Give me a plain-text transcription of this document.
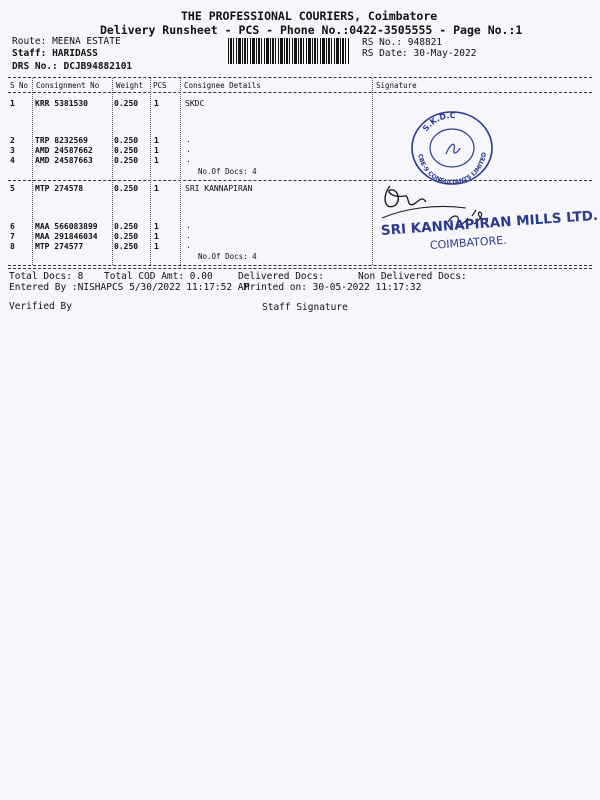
THE PROFESSIONAL COURIERS, Coimbatore
Delivery Runsheet - PCS - Phone No.:0422-3505555 - Page No.:1
Route: MEENA ESTATE
Staff: HARIDASS
DRS No.: DCJB94882101
RS No.: 948821
RS Date: 30-May-2022
S No Consignment No Weight PCS Consignee Details	Signature
1	KRR 5381530	0.250 1	SKDC
2	TRP 8232569	0.250 1	.
3	AMD 24587662	0.250 1	.
4	AMD 24587663	0.250 1	.
No.Of Docs: 4
5	MTP 274578	0.250 1	SRI KANNAPIRAN
6	MAA 566083899 0.250 1	.
7	MAA 291846034 0.250 1	.
8	MTP 274577	0.250 1	.
No.Of Docs: 4
S.K.D.C
CBE-9 CONSULTANTS LIMITED
SRI KANNAPIRAN MILLS LTD.
COIMBATORE.
Total Docs: 8 Total COD Amt: 0.00	Delivered Docs:	Non Delivered Docs:
Entered By :NISHAPCS 5/30/2022 11:17:52 AM
Printed on: 30-05-2022 11:17:32
Verified By	Staff Signature
